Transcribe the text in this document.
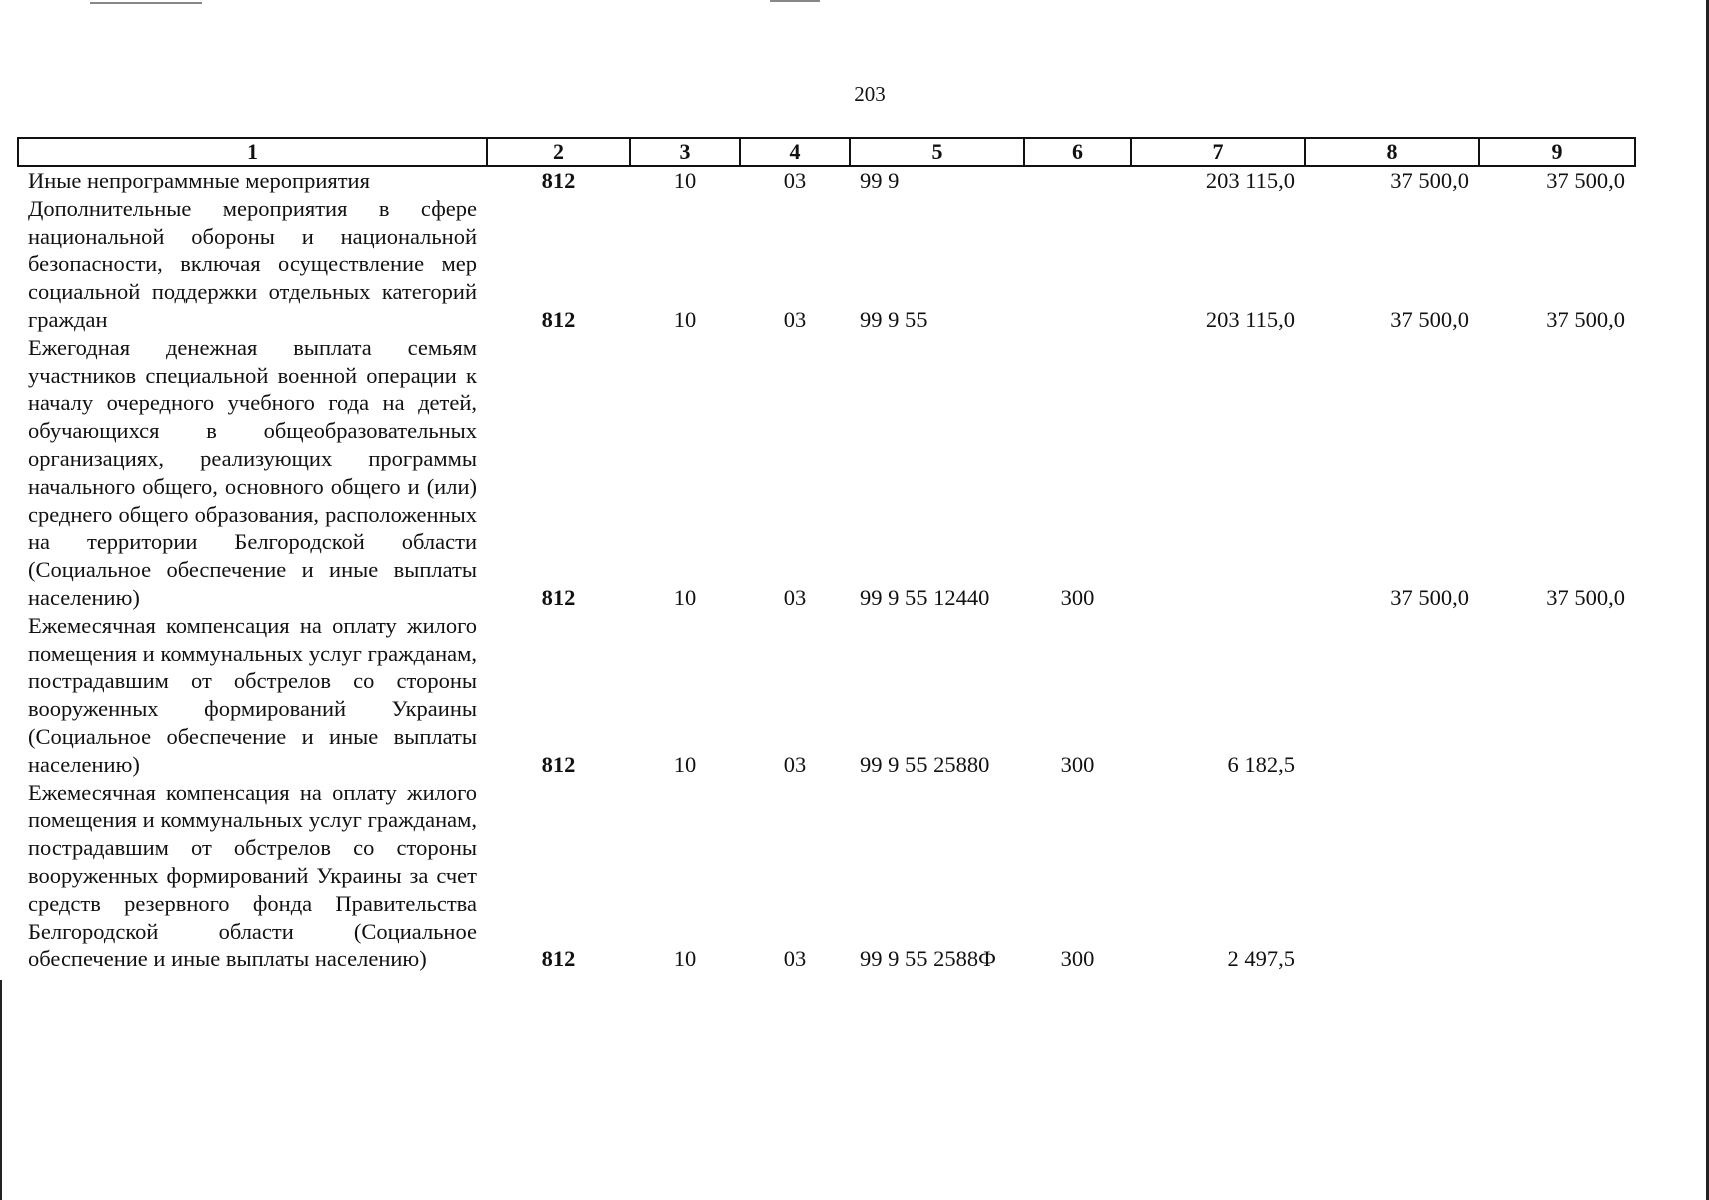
203
1	2	3	4	5	6	7	8	9
Иные непрограммные мероприятия	812	10	03	99 9		203 115,0	37 500,0	37 500,0
Дополнительные мероприятия в сфере национальной обороны и национальной безопасности, включая осуществление мер социальной поддержки отдельных категорий граждан	812	10	03	99 9 55		203 115,0	37 500,0	37 500,0
Ежегодная денежная выплата семьям участников специальной военной операции к началу очередного учебного года на детей, обучающихся в общеобразовательных организациях, реализующих программы начального общего, основного общего и (или) среднего общего образования, расположенных на территории Белгородской области (Социальное обеспечение и иные выплаты населению)	812	10	03	99 9 55 12440	300		37 500,0	37 500,0
Ежемесячная компенсация на оплату жилого помещения и коммунальных услуг гражданам, пострадавшим от обстрелов со стороны вооруженных формирований Украины (Социальное обеспечение и иные выплаты населению)	812	10	03	99 9 55 25880	300	6 182,5		
Ежемесячная компенсация на оплату жилого помещения и коммунальных услуг гражданам, пострадавшим от обстрелов со стороны вооруженных формирований Украины за счет средств резервного фонда Правительства Белгородской области (Социальное обеспечение и иные выплаты населению)	812	10	03	99 9 55 2588Ф	300	2 497,5		
